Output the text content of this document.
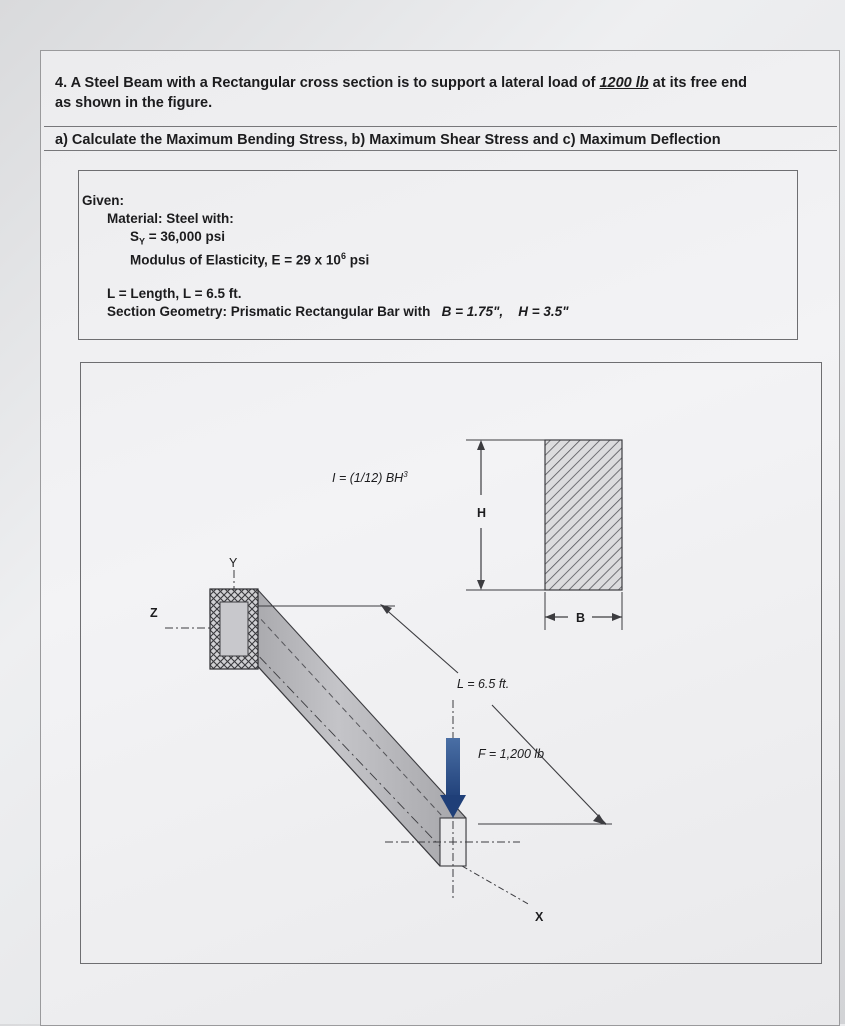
4. A Steel Beam with a Rectangular cross section is to support a lateral load of 1200 lb at its free end
as shown in the figure.
a) Calculate the Maximum Bending Stress, b) Maximum Shear Stress and c) Maximum Deflection
Given:
Material: Steel with:
$S_Y = 36,000$ psi
Modulus of Elasticity, E = 29 x $10^6$ psi
L = Length, L = 6.5 ft.
Section Geometry: Prismatic Rectangular Bar with B = 1.75", H = 3.5"
I = (1/12) $BH^3$
H
B
Y
Z
X
L = 6.5 ft.
F = 1,200 lb
